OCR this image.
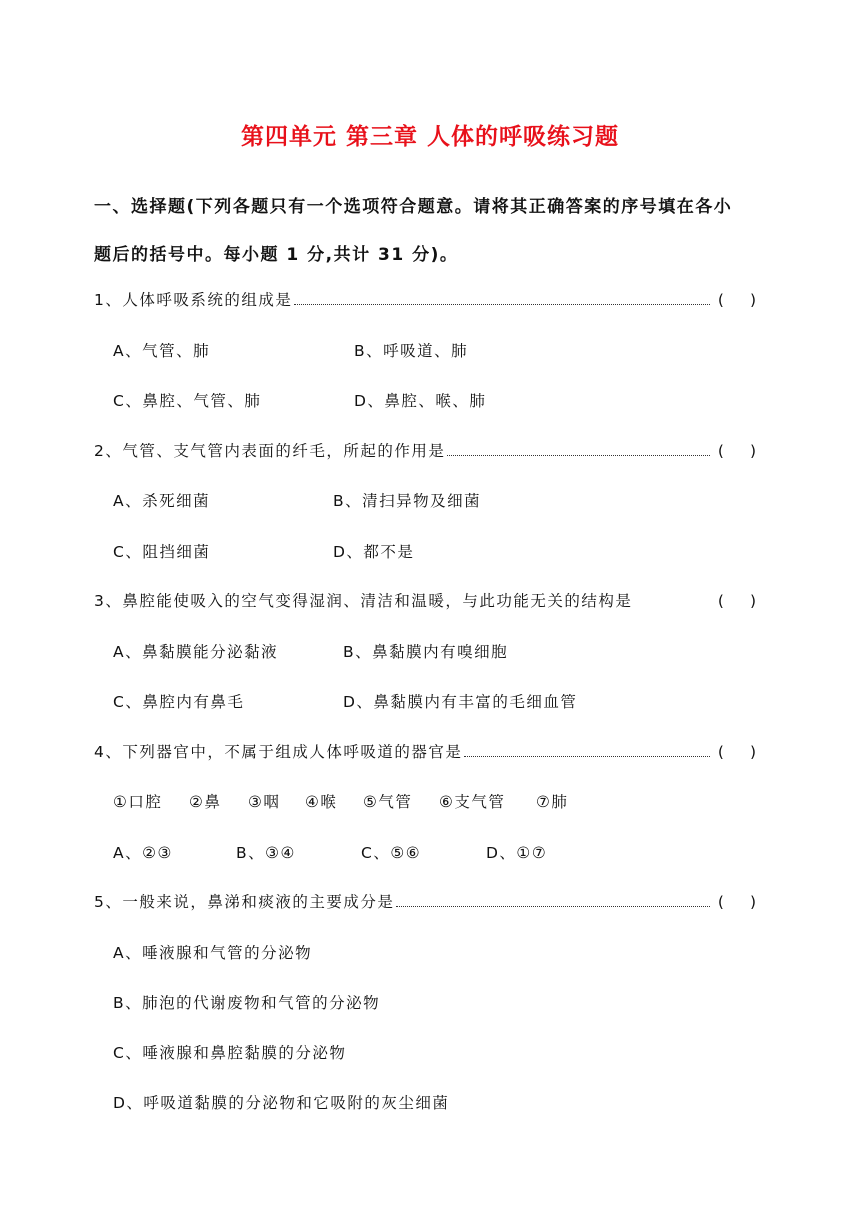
第四单元 第三章 人体的呼吸练习题
一、选择题(下列各题只有一个选项符合题意。请将其正确答案的序号填在各小
题后的括号中。每小题 1 分,共计 31 分)。
1、人体呼吸系统的组成是	( )
A、气管、肺	B、呼吸道、肺
C、鼻腔、气管、肺	D、鼻腔、喉、肺
2、气管、支气管内表面的纤毛，所起的作用是	( )
A、杀死细菌	B、清扫异物及细菌
C、阻挡细菌	D、都不是
3、鼻腔能使吸入的空气变得湿润、清洁和温暖，与此功能无关的结构是	( )
A、鼻黏膜能分泌黏液	B、鼻黏膜内有嗅细胞
C、鼻腔内有鼻毛	D、鼻黏膜内有丰富的毛细血管
4、下列器官中，不属于组成人体呼吸道的器官是	( )
①口腔 ②鼻 ③咽 ④喉 ⑤气管 ⑥支气管 ⑦肺
A、②③	B、③④	C、⑤⑥	D、①⑦
5、一般来说，鼻涕和痰液的主要成分是	( )
A、唾液腺和气管的分泌物
B、肺泡的代谢废物和气管的分泌物
C、唾液腺和鼻腔黏膜的分泌物
D、呼吸道黏膜的分泌物和它吸附的灰尘细菌
